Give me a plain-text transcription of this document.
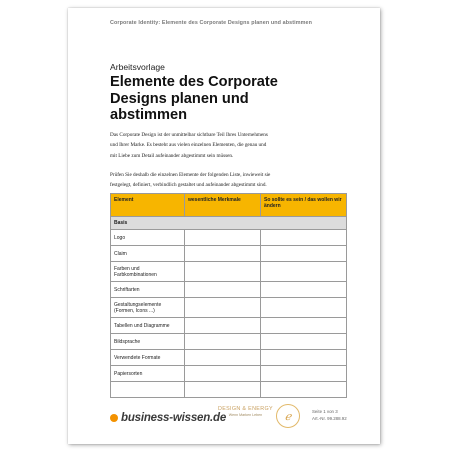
Corporate Identity: Elemente des Corporate Designs planen und abstimmen
Arbeitsvorlage
Elemente des Corporate
Designs planen und
abstimmen
Das Corporate Design ist der unmittelbar sichtbare Teil Ihres Unternehmens
und Ihrer Marke. Es besteht aus vielen einzelnen Elementen, die genau und
mit Liebe zum Detail aufeinander abgestimmt sein müssen.
Prüfen Sie deshalb die einzelnen Elemente der folgenden Liste, inwieweit sie
festgelegt, definiert, verbindlich gestaltet und aufeinander abgestimmt sind.
Element	wesentliche Merkmale	So sollte es sein / das wollen wir ändern
Basis		
Logo		
Claim		
Farben und Farbkombinationen		
Schriftarten		
Gestaltungselemente (Formen, Icons ...)		
Tabellen und Diagramme		
Bildsprache		
Verwendete Formate		
Papiersorten		

business-wissen.de
DESIGN & ENERGY
Wenn Marken Leben	ℯ	Seite 1 von 3
Art.-Nr. 99.288.92
